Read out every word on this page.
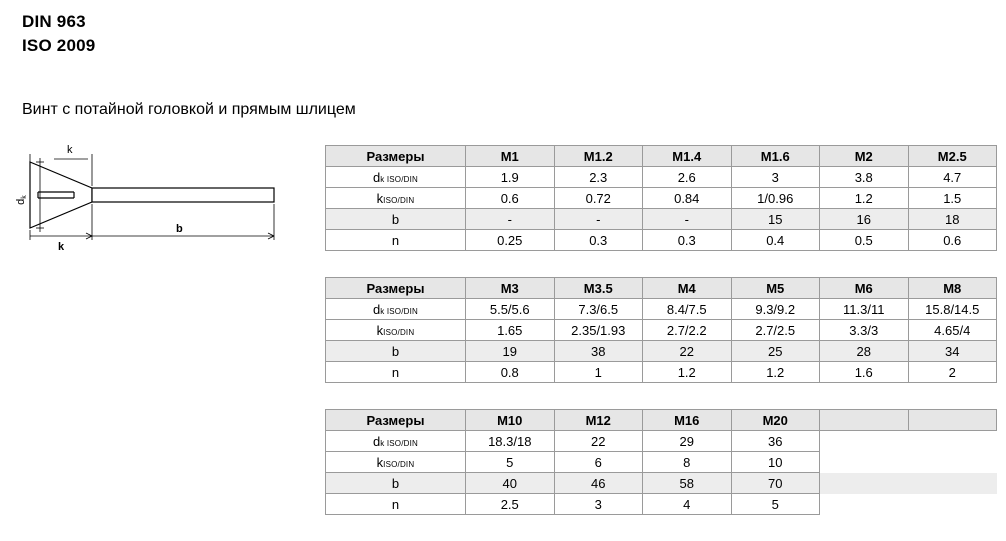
DIN 963
ISO 2009
Винт с потайной головкой и прямым шлицем
dk
k
k
b
Размеры	M1	M1.2	M1.4	M1.6	M2	M2.5
dk ISO/DIN	1.9	2.3	2.6	3	3.8	4.7
kISO/DIN	0.6	0.72	0.84	1/0.96	1.2	1.5
b	-	-	-	15	16	18
n	0.25	0.3	0.3	0.4	0.5	0.6
Размеры	M3	M3.5	M4	M5	M6	M8
dk ISO/DIN	5.5/5.6	7.3/6.5	8.4/7.5	9.3/9.2	11.3/11	15.8/14.5
kISO/DIN	1.65	2.35/1.93	2.7/2.2	2.7/2.5	3.3/3	4.65/4
b	19	38	22	25	28	34
n	0.8	1	1.2	1.2	1.6	2
Размеры	M10	M12	M16	M20		
dk ISO/DIN	18.3/18	22	29	36		
kISO/DIN	5	6	8	10		
b	40	46	58	70		
n	2.5	3	4	5		
